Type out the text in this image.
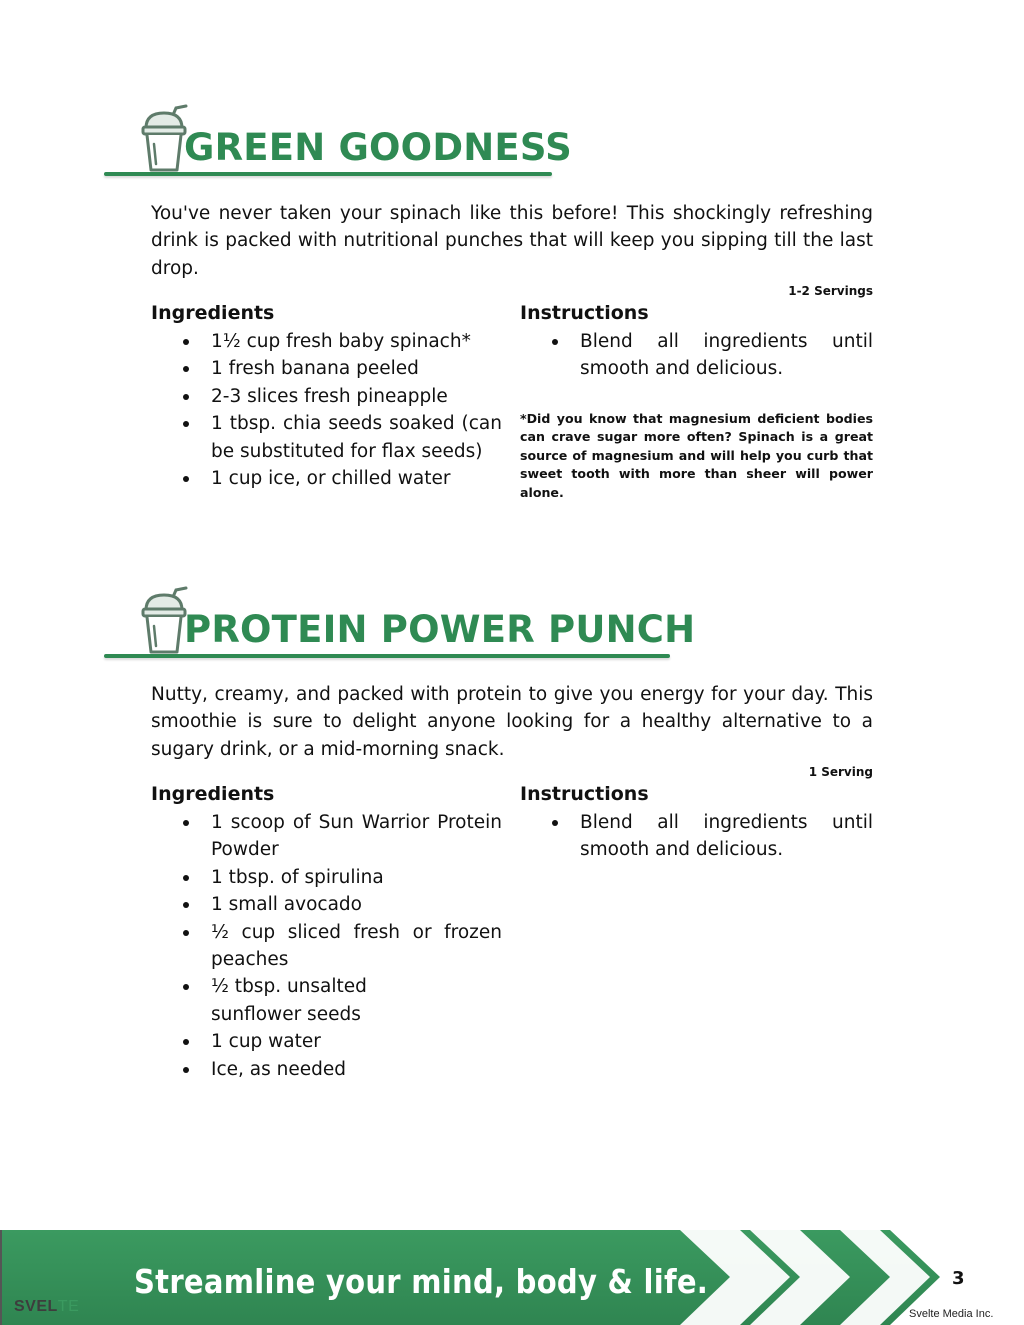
GREEN GOODNESS
You've never taken your spinach like this before! This shockingly refreshing drink is packed with nutritional punches that will keep you sipping till the last drop.
1-2 Servings
Ingredients
1½ cup fresh baby spinach*
1 fresh banana peeled
2-3 slices fresh pineapple
1 tbsp. chia seeds soaked (can be substituted for flax seeds)
1 cup ice, or chilled water
Instructions
Blend all ingredients until smooth and delicious.
*Did you know that magnesium deficient bodies can crave sugar more often? Spinach is a great source of magnesium and will help you curb that sweet tooth with more than sheer will power alone.
PROTEIN POWER PUNCH
Nutty, creamy, and packed with protein to give you energy for your day. This smoothie is sure to delight anyone looking for a healthy alternative to a sugary drink, or a mid-morning snack.
1 Serving
Ingredients
1 scoop of Sun Warrior Protein Powder
1 tbsp. of spirulina
1 small avocado
½ cup sliced fresh or frozen peaches
½ tbsp. unsalted sunflower seeds
1 cup water
Ice, as needed
Instructions
Blend all ingredients until smooth and delicious.
Streamline your mind, body & life.	3
Svelte Media Inc.
SVELTE
